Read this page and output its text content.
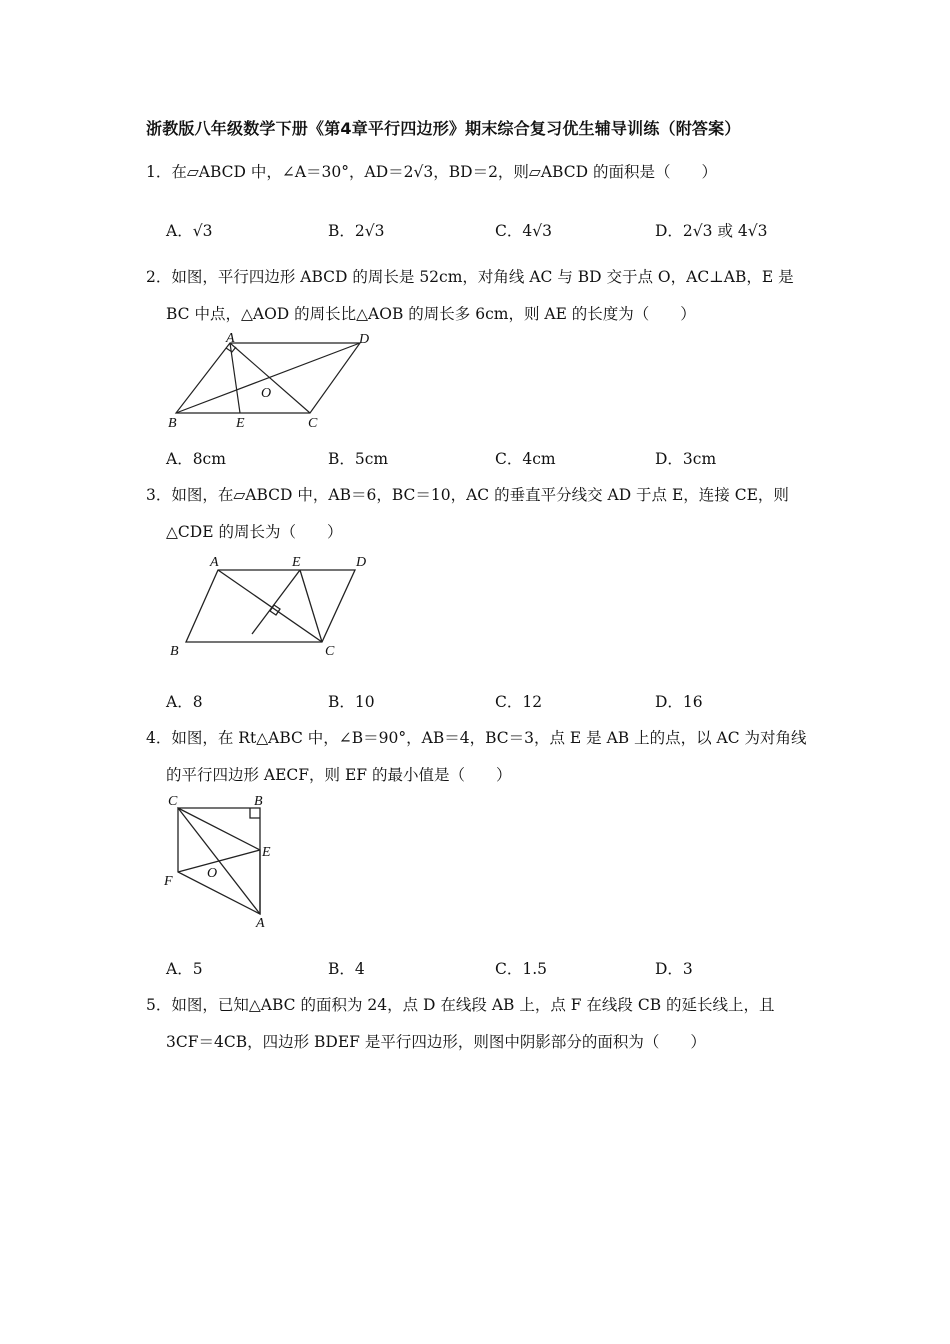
浙教版八年级数学下册《第4章平行四边形》期末综合复习优生辅导训练（附答案）
1．在▱ABCD 中，∠A＝30°，AD＝2√3，BD＝2，则▱ABCD 的面积是（　　）
A．√3	B．2√3	C．4√3	D．2√3 或 4√3
2．如图，平行四边形 ABCD 的周长是 52cm，对角线 AC 与 BD 交于点 O，AC⊥AB，E 是
BC 中点，△AOD 的周长比△AOB 的周长多 6cm，则 AE 的长度为（　　）
A	D
O
B	E	C
A．8cm	B．5cm	C．4cm	D．3cm
3．如图，在▱ABCD 中，AB＝6，BC＝10，AC 的垂直平分线交 AD 于点 E，连接 CE，则
△CDE 的周长为（　　）
A	E	D
B	C
A．8	B．10	C．12	D．16
4．如图，在 Rt△ABC 中，∠B＝90°，AB＝4，BC＝3，点 E 是 AB 上的点，以 AC 为对角线
的平行四边形 AECF，则 EF 的最小值是（　　）
C	B
E
O
F
A
A．5	B．4	C．1.5	D．3
5．如图，已知△ABC 的面积为 24，点 D 在线段 AB 上，点 F 在线段 CB 的延长线上，且
3CF＝4CB，四边形 BDEF 是平行四边形，则图中阴影部分的面积为（　　）
